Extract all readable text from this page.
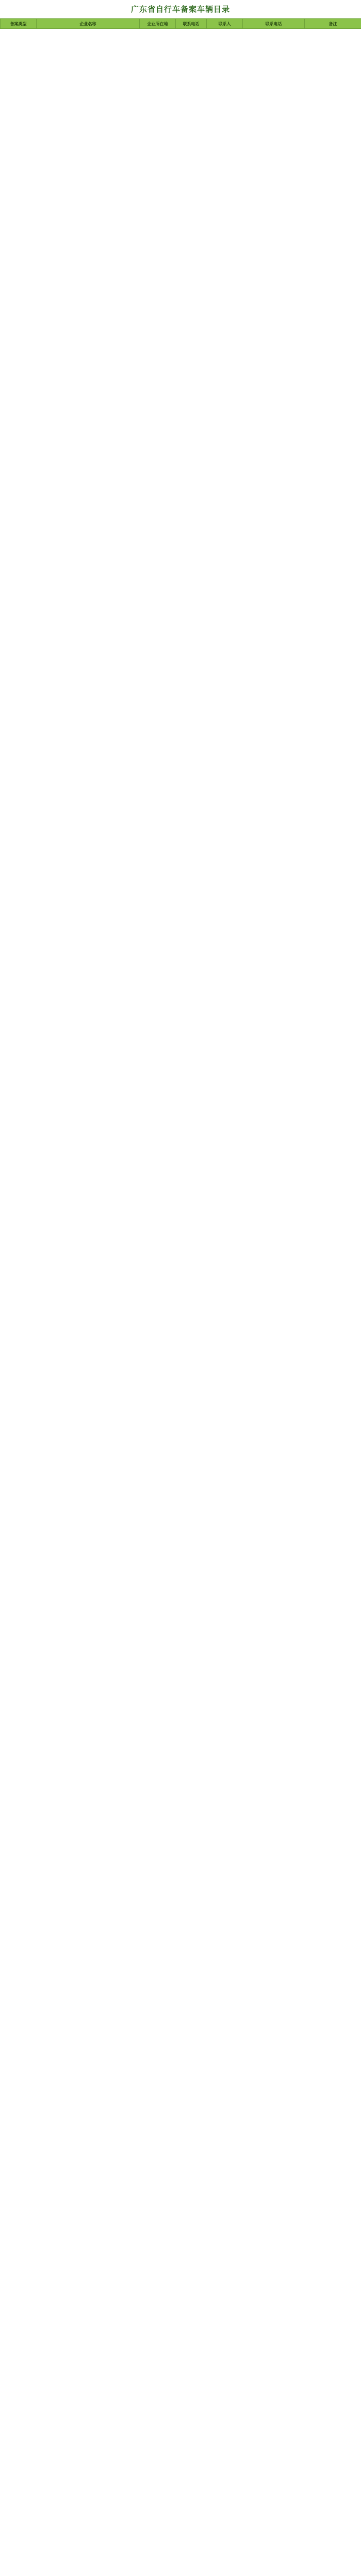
广东省自行车备案车辆目录
备案类型	企业名称	企业所在地	联系电话	联系人	联系电话	备注
